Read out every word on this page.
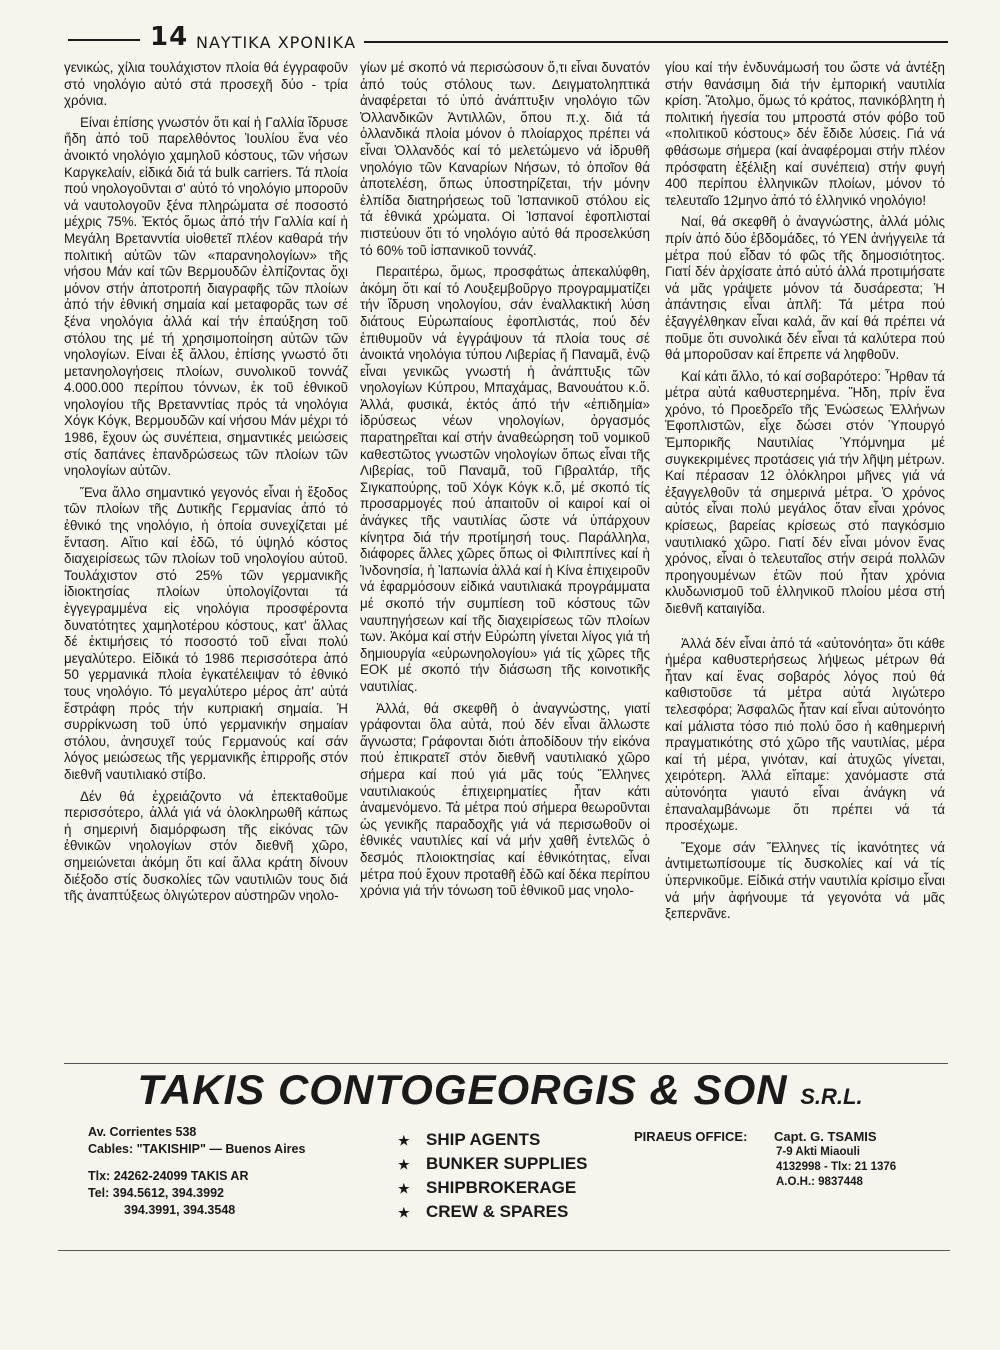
14 ΝΑΥΤΙΚΑ ΧΡΟΝΙΚΑ

γενικώς, χίλια τουλάχιστον πλοία θά έγγραφοῦν στό νηολόγιο αὐτό στά προσεχῆ δύο - τρία χρόνια.

Είναι ἐπίσης γνωστόν ὅτι καί ἡ Γαλλία ἵδρυσε ἤδη ἀπό τοῦ παρελθόντος Ἰουλίου ἕνα νέο ἀνοικτό νηολόγιο χαμηλοῦ κόστους, τῶν νήσων Καργκελαίν, εἰδικά διά τά bulk carriers. Τά πλοία πού νηολογοῦνται σ' αὐτό τό νηολόγιο μποροῦν νά ναυτολογοῦν ξένα πληρώματα σέ ποσοστό μέχρις 75%. Ἐκτός ὅμως ἀπό τήν Γαλλία καί ἡ Μεγάλη Βρετανντία υἱοθετεῖ πλέον καθαρά τήν πολιτική αὐτῶν τῶν «παρανηολογίων» τῆς νήσου Μάν καί τῶν Βερμουδῶν ἐλπίζοντας ὄχι μόνον στήν ἀποτροπή διαγραφῆς τῶν πλοίων ἀπό τήν ἐθνική σημαία καί μεταφορᾶς των σέ ξένα νηολόγια ἀλλά καί τήν ἐπαύξηση τοῦ στόλου της μέ τή χρησιμοποίηση αὐτῶν τῶν νηολογίων. Είναι ἐξ ἄλλου, ἐπίσης γνωστό ὅτι μετανηολογήσεις πλοίων, συνολικοῦ τοννάζ 4.000.000 περίπου τόννων, ἐκ τοῦ ἐθνικοῦ νηολογίου τῆς Βρετανντίας πρός τά νηολόγια Χόγκ Κόγκ, Βερμουδῶν καί νήσου Μάν μέχρι τό 1986, ἔχουν ὡς συνέπεια, σημαντικές μειώσεις στίς δαπάνες ἐπανδρώσεως τῶν πλοίων τῶν νηολογίων αὐτῶν.

Ἕνα ἄλλο σημαντικό γεγονός εἶναι ἡ ἔξοδος τῶν πλοίων τῆς Δυτικῆς Γερμανίας ἀπό τό ἐθνικό της νηολόγιο, ἡ ὁποία συνεχίζεται μέ ἔνταση. Αἴτιο καί ἐδῶ, τό ὑψηλό κόστος διαχειρίσεως τῶν πλοίων τοῦ νηολογίου αὐτοῦ. Τουλάχιστον στό 25% τῶν γερμανικῆς ἰδιοκτησίας πλοίων ὑπολογίζονται τά ἐγγεγραμμένα εἰς νηολόγια προσφέροντα δυνατότητες χαμηλοτέρου κόστους, κατ' ἄλλας δέ ἐκτιμήσεις τό ποσοστό τοῦ εἶναι πολύ μεγαλύτερο. Εἰδικά τό 1986 περισσότερα ἀπό 50 γερμανικά πλοία ἐγκατέλειψαν τό ἐθνικό τους νηολόγιο. Τό μεγαλύτερο μέρος ἀπ' αὐτά ἔστράφη πρός τήν κυπριακή σημαία. Ἡ συρρίκνωση τοῦ ὑπό γερμανικήν σημαίαν στόλου, ἀνησυχεῖ τούς Γερμανούς καί σάν λόγος μειώσεως τῆς γερμανικῆς ἐπιρροῆς στόν διεθνῆ ναυτιλιακό στίβο.

Δέν θά ἐχρειάζοντο νά ἐπεκταθοῦμε περισσότερο, ἀλλά γιά νά ὁλοκληρωθῆ κάπως ἡ σημερινή διαμόρφωση τῆς εἰκόνας τῶν ἐθνικῶν νηολογίων στόν διεθνῆ χῶρο, σημειώνεται ἀκόμη ὅτι καί ἄλλα κράτη δίνουν διέξοδο στίς δυσκολίες τῶν ναυτιλιῶν τους διά τῆς ἀναπτύξεως ὀλιγώτερον αὐστηρῶν νηολο-

γίων μέ σκοπό νά περισώσουν ὅ,τι εἶναι δυνατόν ἀπό τούς στόλους των. Δειγματοληπτικά ἀναφέρεται τό ὑπό ἀνάπτυξιν νηολόγιο τῶν Ὀλλανδικῶν Ἀντιλλῶν, ὅπου π.χ. διά τά ὀλλανδικά πλοία μόνον ὁ πλοίαρχος πρέπει νά εἶναι Ὀλλανδός καί τό μελετώμενο νά ἱδρυθῆ νηολόγιο τῶν Καναρίων Νήσων, τό ὁποῖον θά ἀποτελέση, ὅπως ὑποστηρίζεται, τήν μόνην ἐλπίδα διατηρήσεως τοῦ Ἰσπανικοῦ στόλου εἰς τά ἐθνικά χρώματα. Οἱ Ἰσπανοί ἐφοπλισταί πιστεύουν ὅτι τό νηολόγιο αὐτό θά προσελκύση τό 60% τοῦ ἰσπανικοῦ τοννάζ.

Περαιτέρω, ὅμως, προσφάτως ἀπεκαλύφθη, ἀκόμη ὅτι καί τό Λουξεμβοῦργο προγραμματίζει τήν ἵδρυση νηολογίου, σάν ἐναλλακτική λύση διάτους Εὐρωπαίους ἐφοπλιστάς, πού δέν ἐπιθυμοῦν νά ἐγγράψουν τά πλοία τους σέ ἀνοικτά νηολόγια τύπου Λιβερίας ἤ Παναμᾶ, ἐνῷ εἶναι γενικῶς γνωστή ἡ ἀνάπτυξις τῶν νηολογίων Κύπρου, Μπαχάμας, Βανουάτου κ.ὅ. Ἀλλά, φυσικά, ἐκτός ἀπό τήν «ἐπιδημία» ἱδρύσεως νέων νηολογίων, ὀργασμός παρατηρεῖται καί στήν ἀναθεώρηση τοῦ νομικοῦ καθεστῶτος γνωστῶν νηολογίων ὅπως εἶναι τῆς Λιβερίας, τοῦ Παναμᾶ, τοῦ Γιβραλτάρ, τῆς Σιγκαπούρης, τοῦ Χόγκ Κόγκ κ.ὅ, μέ σκοπό τίς προσαρμογές πού ἀπαιτοῦν οἱ καιροί καί οἱ ἀνάγκες τῆς ναυτιλίας ὥστε νά ὑπάρχουν κίνητρα διά τήν προτίμησή τους. Παράλληλα, διάφορες ἄλλες χῶρες ὅπως οἱ Φιλιππίνες καί ἡ Ἰνδονησία, ἡ Ἰαπωνία ἀλλά καί ἡ Κίνα ἐπιχειροῦν νά ἐφαρμόσουν εἰδικά ναυτιλιακά προγράμματα μέ σκοπό τήν συμπίεση τοῦ κόστους τῶν ναυπηγήσεων καί τῆς διαχειρίσεως τῶν πλοίων των. Ἀκόμα καί στήν Εὐρώπη γίνεται λίγος γιά τή δημιουργία «εὐρωνηολογίου» γιά τίς χῶρες τῆς ΕΟΚ μέ σκοπό τήν διάσωση τῆς κοινοτικῆς ναυτιλίας.

Ἀλλά, θά σκεφθῆ ὁ ἀναγνώστης, γιατί γράφονται ὅλα αὐτά, πού δέν εἶναι ἄλλωστε ἄγνωστα; Γράφονται διότι ἀποδίδουν τήν εἰκόνα πού ἐπικρατεῖ στόν διεθνῆ ναυτιλιακό χῶρο σήμερα καί πού γιά μᾶς τούς Ἕλληνες ναυτιλιακούς ἐπιχειρηματίες ἦταν κάτι ἀναμενόμενο. Τά μέτρα πού σήμερα θεωροῦνται ὡς γενικῆς παραδοχῆς γιά νά περισωθοῦν οἱ ἐθνικές ναυτιλίες καί νά μήν χαθῆ ἐντελῶς ὁ δεσμός πλοιοκτησίας καί ἐθνικότητας, εἶναι μέτρα πού ἔχουν προταθῆ ἐδῶ καί δέκα περίπου χρόνια γιά τήν τόνωση τοῦ ἐθνικοῦ μας νηολο-

γίου καί τήν ἐνδυνάμωσή του ὥστε νά ἀντέξη στήν θανάσιμη διά τήν ἐμπορική ναυτιλία κρίση. Ἄτολμο, ὅμως τό κράτος, πανικόβλητη ἡ πολιτική ἡγεσία του μπροστά στόν φόβο τοῦ «πολιτικοῦ κόστους» δέν ἔδιδε λύσεις. Γιά νά φθάσωμε σήμερα (καί ἀναφέρομαι στήν πλέον πρόσφατη ἐξέλιξη καί συνέπεια) στήν φυγή 400 περίπου ἑλληνικῶν πλοίων, μόνον τό τελευταῖο 12μηνο ἀπό τό ἑλληνικό νηολόγιο!

Ναί, θά σκεφθῆ ὁ ἀναγνώστης, ἀλλά μόλις πρίν ἀπό δύο ἑβδομάδες, τό ΥΕΝ ἀνήγγειλε τά μέτρα πού εἶδαν τό φῶς τῆς δημοσιότητος. Γιατί δέν ἀρχίσατε ἀπό αὐτό ἀλλά προτιμήσατε νά μᾶς γράψετε μόνον τά δυσάρεστα; Ἡ ἀπάντησις εἶναι ἁπλῆ: Τά μέτρα πού ἐξαγγέλθηκαν εἶναι καλά, ἄν καί θά πρέπει νά ποῦμε ὅτι συνολικά δέν εἶναι τά καλύτερα πού θά μποροῦσαν καί ἔπρεπε νά ληφθοῦν.

Καί κάτι ἄλλο, τό καί σοβαρότερο: Ἦρθαν τά μέτρα αὐτά καθυστερημένα. Ἤδη, πρίν ἕνα χρόνο, τό Προεδρεῖο τῆς Ἑνώσεως Ἑλλήνων Ἐφοπλιστῶν, εἶχε δώσει στόν Ὑπουργό Ἐμπορικῆς Ναυτιλίας Ὑπόμνημα μέ συγκεκριμένες προτάσεις γιά τήν λῆψη μέτρων. Καί πέρασαν 12 ὁλόκληροι μῆνες γιά νά ἐξαγγελθοῦν τά σημερινά μέτρα. Ὁ χρόνος αὐτός εἶναι πολύ μεγάλος ὅταν εἶναι χρόνος κρίσεως, βαρείας κρίσεως στό παγκόσμιο ναυτιλιακό χῶρο. Γιατί δέν εἶναι μόνον ἕνας χρόνος, εἶναι ὁ τελευταῖος στήν σειρά πολλῶν προηγουμένων ἐτῶν πού ἦταν χρόνια κλυδωνισμοῦ τοῦ ἑλληνικοῦ πλοίου μέσα στή διεθνῆ καταιγίδα.

Ἀλλά δέν εἶναι ἀπό τά «αὐτονόητα» ὅτι κάθε ἡμέρα καθυστερήσεως λήψεως μέτρων θά ἦταν καί ἕνας σοβαρός λόγος πού θά καθιστοῦσε τά μέτρα αὐτά λιγώτερο τελεσφόρα; Ἀσφαλῶς ἦταν καί εἶναι αὐτονόητο καί μάλιστα τόσο πιό πολύ ὅσο ἡ καθημερινή πραγματικότης στό χῶρο τῆς ναυτιλίας, μέρα καί τή μέρα, γινόταν, καί ἀτυχῶς γίνεται, χειρότερη. Ἀλλά εἴπαμε: χανόμαστε στά αὐτονόητα γιαυτό εἶναι ἀνάγκη νά ἐπαναλαμβάνωμε ὅτι πρέπει νά τά προσέχωμε.

Ἔχομε σάν Ἕλληνες τίς ἱκανότητες νά ἀντιμετωπίσουμε τίς δυσκολίες καί νά τίς ὑπερνικοῦμε. Εἰδικά στήν ναυτιλία κρίσιμο εἶναι νά μήν ἀφήνουμε τά γεγονότα νά μᾶς ξεπερνᾶνε.

TAKIS CONTOGEORGIS & SON S.R.L.
Av. Corrientes 538
Cables: "TAKISHIP" — Buenos Aires
Tlx: 24262-24099 TAKIS AR
Tel: 394.5612, 394.3992
394.3991, 394.3548
★ SHIP AGENTS
★ BUNKER SUPPLIES
★ SHIPBROKERAGE
★ CREW & SPARES
PIRAEUS OFFICE: Capt. G. TSAMIS
7-9 Akti Miaouli
4132998 - Tlx: 21 1376
A.O.H.: 9837448
